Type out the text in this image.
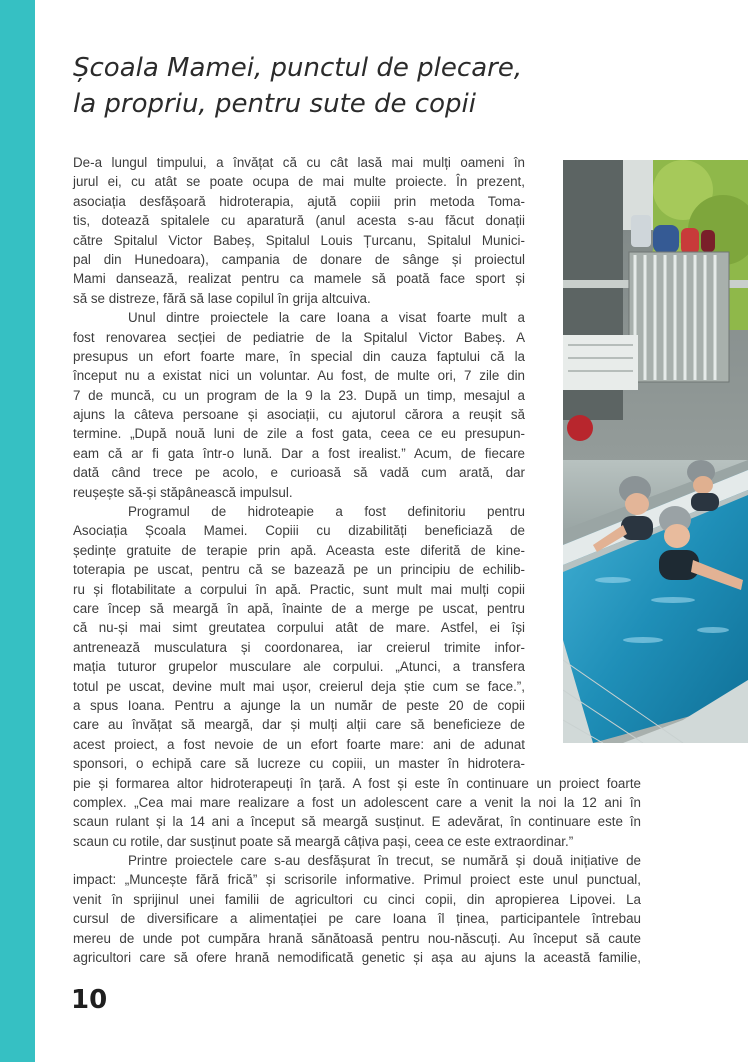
Școala Mamei, punctul de plecare,
la propriu, pentru sute de copii
De-a lungul timpului, a învățat că cu cât lasă mai mulți oameni în
jurul ei, cu atât se poate ocupa de mai multe proiecte. În prezent,
asociația desfășoară hidroterapia, ajută copiii prin metoda Toma-
tis, dotează spitalele cu aparatură (anul acesta s-au făcut donații
către Spitalul Victor Babeș, Spitalul Louis Țurcanu, Spitalul Munici-
pal din Hunedoara), campania de donare de sânge și proiectul
Mami dansează, realizat pentru ca mamele să poată face sport și
să se distreze, fără să lase copilul în grija altcuiva.
Unul dintre proiectele la care Ioana a visat foarte mult a
fost renovarea secției de pediatrie de la Spitalul Victor Babeș. A
presupus un efort foarte mare, în special din cauza faptului că la
început nu a existat nici un voluntar. Au fost, de multe ori, 7 zile din
7 de muncă, cu un program de la 9 la 23. După un timp, mesajul a
ajuns la câteva persoane și asociații, cu ajutorul cărora a reușit să
termine. „După nouă luni de zile a fost gata, ceea ce eu presupun-
eam că ar fi gata într-o lună. Dar a fost irealist.” Acum, de fiecare
dată când trece pe acolo, e curioasă să vadă cum arată, dar
reușește să-și stăpânească impulsul.
Programul de hidroteapie a fost definitoriu pentru
Asociația Școala Mamei. Copiii cu dizabilități beneficiază de
ședințe gratuite de terapie prin apă. Aceasta este diferită de kine-
toterapia pe uscat, pentru că se bazează pe un principiu de echilib-
ru și flotabilitate a corpului în apă. Practic, sunt mult mai mulți copii
care încep să meargă în apă, înainte de a merge pe uscat, pentru
că nu-și mai simt greutatea corpului atât de mare. Astfel, ei își
antrenează musculatura și coordonarea, iar creierul trimite infor-
mația tuturor grupelor musculare ale corpului. „Atunci, a transfera
totul pe uscat, devine mult mai ușor, creierul deja știe cum se face.”,
a spus Ioana. Pentru a ajunge la un număr de peste 20 de copii
care au învățat să meargă, dar și mulți alții care să beneficieze de
acest proiect, a fost nevoie de un efort foarte mare: ani de adunat
sponsori, o echipă care să lucreze cu copiii, un master în hidrotera-
pie și formarea altor hidroterapeuți în țară. A fost și este în continuare un proiect foarte
complex. „Cea mai mare realizare a fost un adolescent care a venit la noi la 12 ani în
scaun rulant și la 14 ani a început să meargă susținut. E adevărat, în continuare este în
scaun cu rotile, dar susținut poate să meargă câțiva pași, ceea ce este extraordinar.”
Printre proiectele care s-au desfășurat în trecut, se numără și două inițiative de
impact: „Muncește fără frică” și scrisorile informative. Primul proiect este unul punctual,
venit în sprijinul unei familii de agricultori cu cinci copii, din apropierea Lipovei. La
cursul de diversificare a alimentației pe care Ioana îl ținea, participantele întrebau
mereu de unde pot cumpăra hrană sănătoasă pentru nou-născuți. Au început să caute
agricultori care să ofere hrană nemodificată genetic și așa au ajuns la această familie,
10
